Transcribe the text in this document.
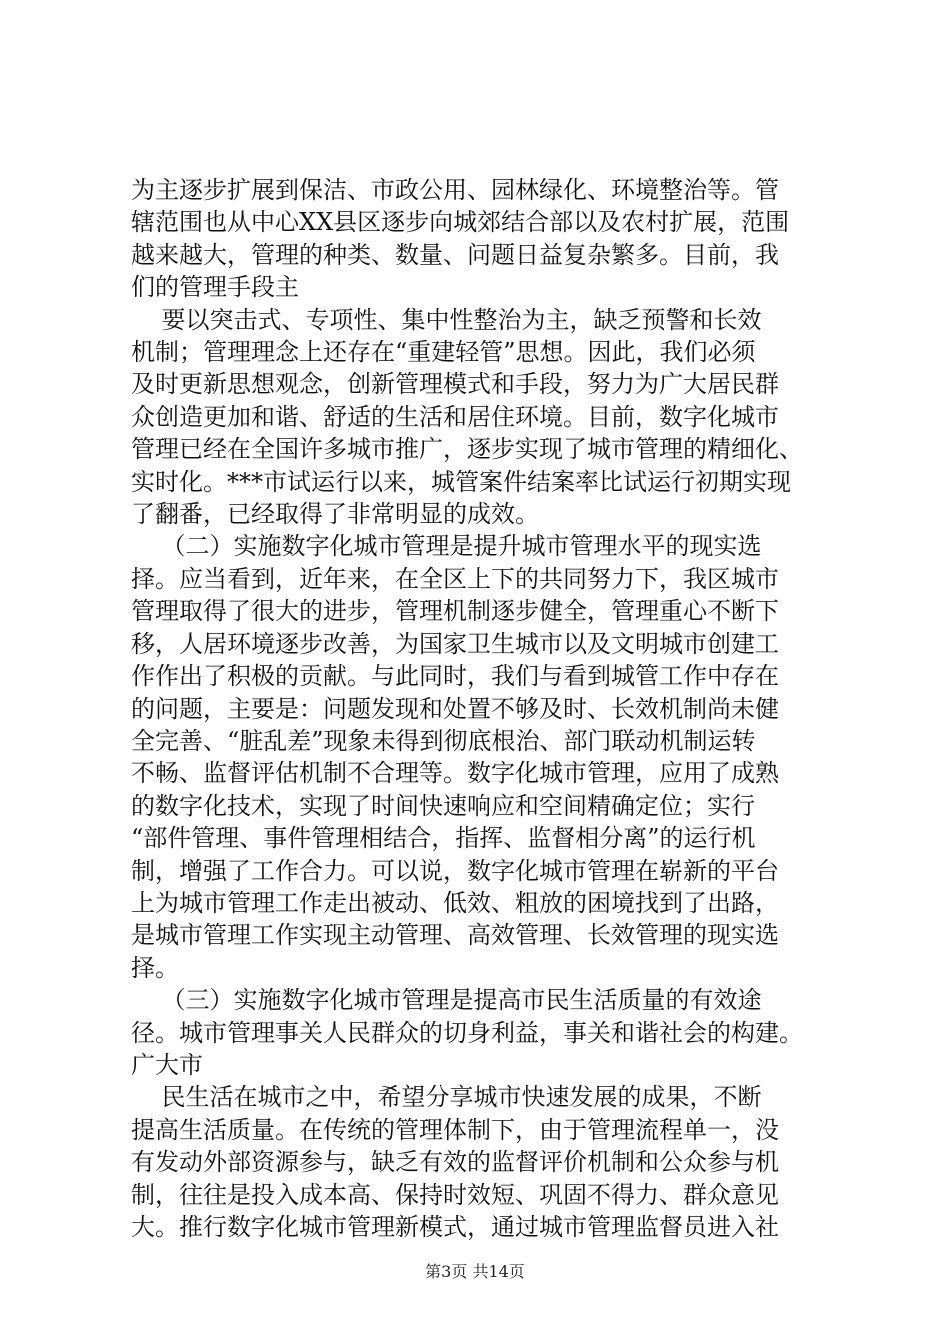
为主逐步扩展到保洁、市政公用、园林绿化、环境整治等。管

辖范围也从中心XX县区逐步向城郊结合部以及农村扩展，范围

越来越大，管理的种类、数量、问题日益复杂繁多。目前，我

们的管理手段主

要以突击式、专项性、集中性整治为主，缺乏预警和长效

机制；管理理念上还存在“重建轻管”思想。因此，我们必须

及时更新思想观念，创新管理模式和手段，努力为广大居民群

众创造更加和谐、舒适的生活和居住环境。目前，数字化城市

管理已经在全国许多城市推广，逐步实现了城市管理的精细化、

实时化。***市试运行以来，城管案件结案率比试运行初期实现

了翻番，已经取得了非常明显的成效。

（二）实施数字化城市管理是提升城市管理水平的现实选

择。应当看到，近年来，在全区上下的共同努力下，我区城市

管理取得了很大的进步，管理机制逐步健全，管理重心不断下

移，人居环境逐步改善，为国家卫生城市以及文明城市创建工

作作出了积极的贡献。与此同时，我们与看到城管工作中存在

的问题，主要是：问题发现和处置不够及时、长效机制尚未健

全完善、“脏乱差”现象未得到彻底根治、部门联动机制运转

不畅、监督评估机制不合理等。数字化城市管理，应用了成熟

的数字化技术，实现了时间快速响应和空间精确定位；实行

“部件管理、事件管理相结合，指挥、监督相分离”的运行机

制，增强了工作合力。可以说，数字化城市管理在崭新的平台

上为城市管理工作走出被动、低效、粗放的困境找到了出路，

是城市管理工作实现主动管理、高效管理、长效管理的现实选

择。

（三）实施数字化城市管理是提高市民生活质量的有效途

径。城市管理事关人民群众的切身利益，事关和谐社会的构建。

广大市

民生活在城市之中，希望分享城市快速发展的成果，不断

提高生活质量。在传统的管理体制下，由于管理流程单一，没

有发动外部资源参与，缺乏有效的监督评价机制和公众参与机

制，往往是投入成本高、保持时效短、巩固不得力、群众意见

大。推行数字化城市管理新模式，通过城市管理监督员进入社

第3页 共14页
